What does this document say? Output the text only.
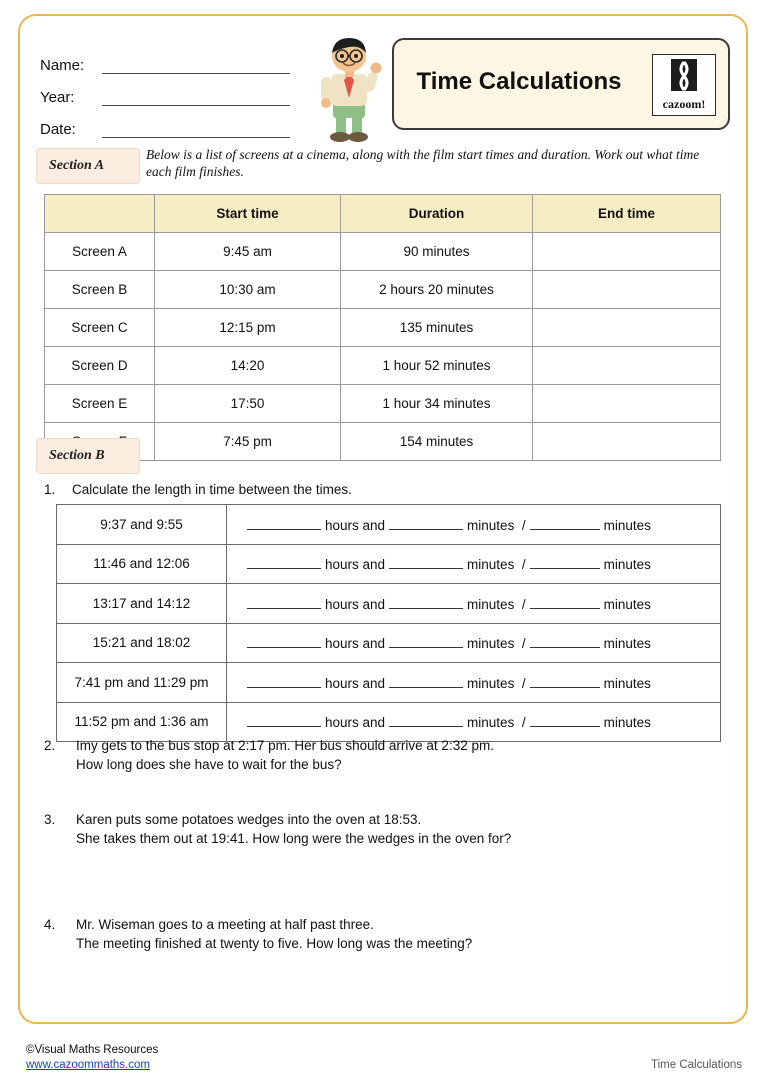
Name:
Year:
Date:
Time Calculations
cazoom!
Section A
Below is a list of screens at a cinema, along with the film start times and duration. Work out what time each film finishes.
	Start time	Duration	End time
Screen A	9:45 am	90 minutes	
Screen B	10:30 am	2 hours 20 minutes	
Screen C	12:15 pm	135 minutes	
Screen D	14:20	1 hour 52 minutes	
Screen E	17:50	1 hour 34 minutes	
	7:45 pm	154 minutes	
Section B
1. Calculate the length in time between the times.
9:37 and 9:55	hours and minutes / minutes
11:46 and 12:06	hours and minutes / minutes
13:17 and 14:12	hours and minutes / minutes
15:21 and 18:02	hours and minutes / minutes
7:41 pm and 11:29 pm	hours and minutes / minutes
11:52 pm and 1:36 am	hours and minutes / minutes
2.	Imy gets to the bus stop at 2:17 pm. Her bus should arrive at 2:32 pm.
How long does she have to wait for the bus?
3.	Karen puts some potatoes wedges into the oven at 18:53.
She takes them out at 19:41. How long were the wedges in the oven for?
4.	Mr. Wiseman goes to a meeting at half past three.
The meeting finished at twenty to five. How long was the meeting?
©Visual Maths Resources
www.cazoommaths.com	Time Calculations
